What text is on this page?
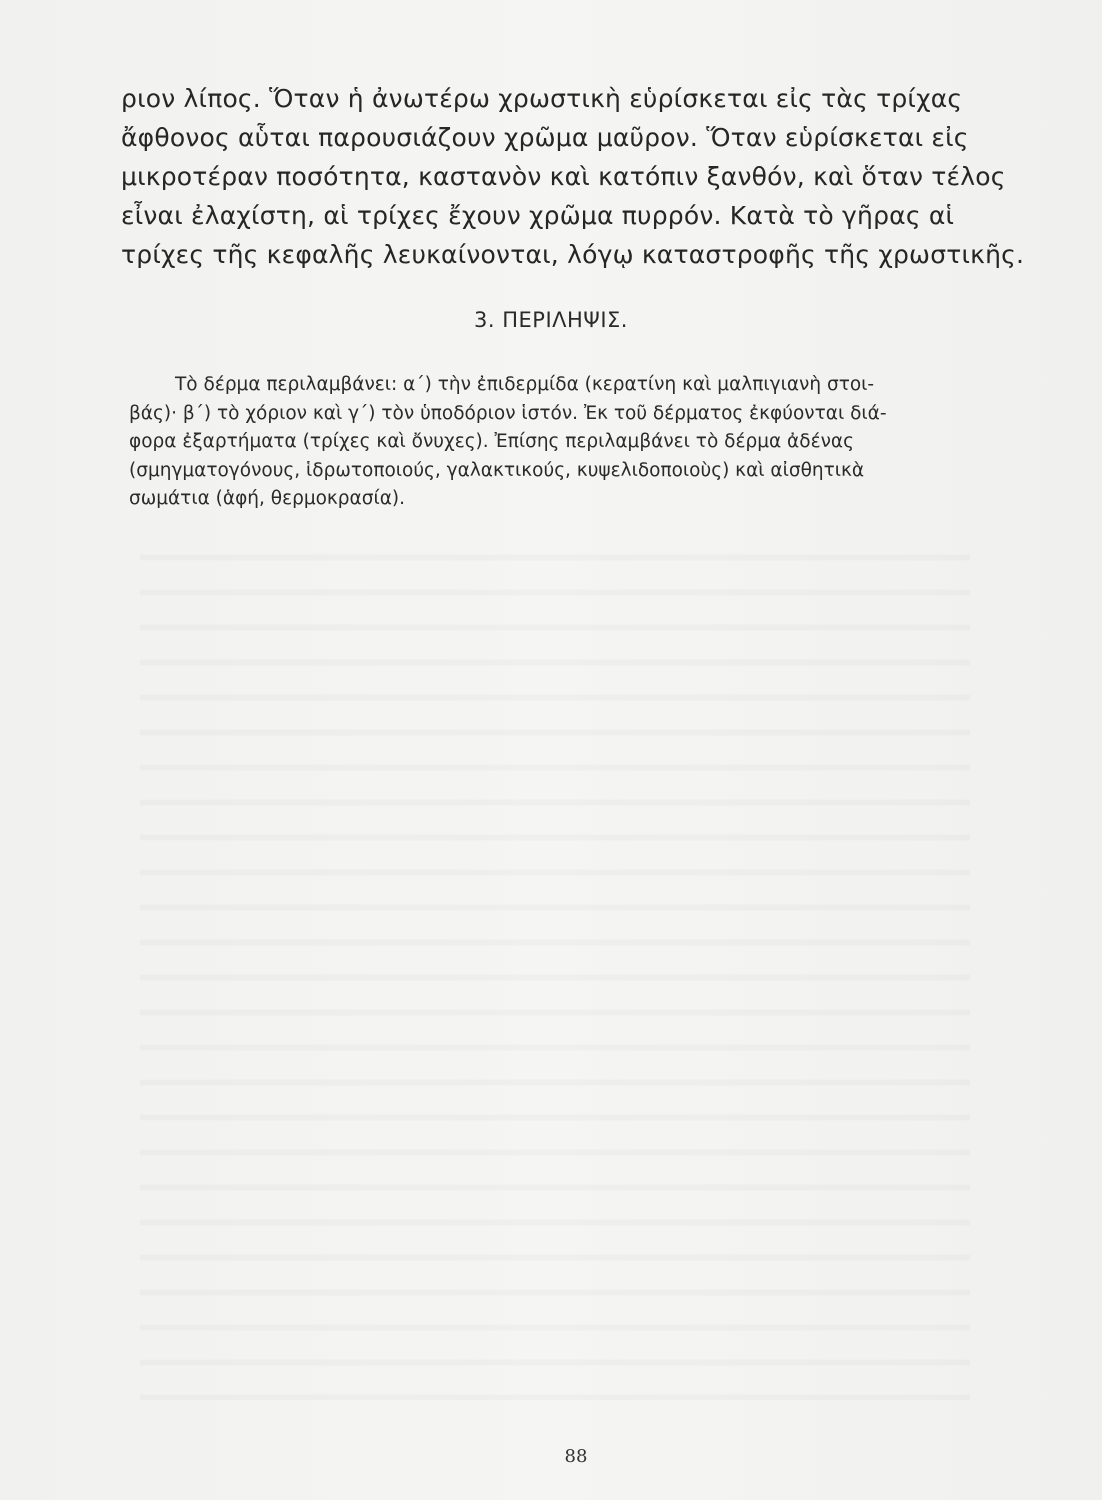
ριον λίπος. Ὅταν ἡ ἀνωτέρω χρωστικὴ εὑρίσκεται εἰς τὰς τρίχας
ἄφθονος αὗται παρουσιάζουν χρῶμα μαῦρον. Ὅταν εὑρίσκεται εἰς
μικροτέραν ποσότητα, καστανὸν καὶ κατόπιν ξανθόν, καὶ ὅταν τέλος
εἶναι ἐλαχίστη, αἱ τρίχες ἔχουν χρῶμα πυρρόν. Κατὰ τὸ γῆρας αἱ
τρίχες τῆς κεφαλῆς λευκαίνονται, λόγῳ καταστροφῆς τῆς χρωστικῆς.
3. ΠΕΡΙΛΗΨΙΣ.
Τὸ δέρμα περιλαμβάνει: α΄) τὴν ἐπιδερμίδα (κερατίνη καὶ μαλπιγιανὴ στοι-
βάς)· β΄) τὸ χόριον καὶ γ΄) τὸν ὑποδόριον ἱστόν. Ἐκ τοῦ δέρματος ἐκφύονται διά-
φορα ἐξαρτήματα (τρίχες καὶ ὄνυχες). Ἐπίσης περιλαμβάνει τὸ δέρμα ἀδένας
(σμηγματογόνους, ἱδρωτοποιούς, γαλακτικούς, κυψελιδοποιοὺς) καὶ αἰσθητικὰ
σωμάτια (ἁφή, θερμοκρασία).
88
